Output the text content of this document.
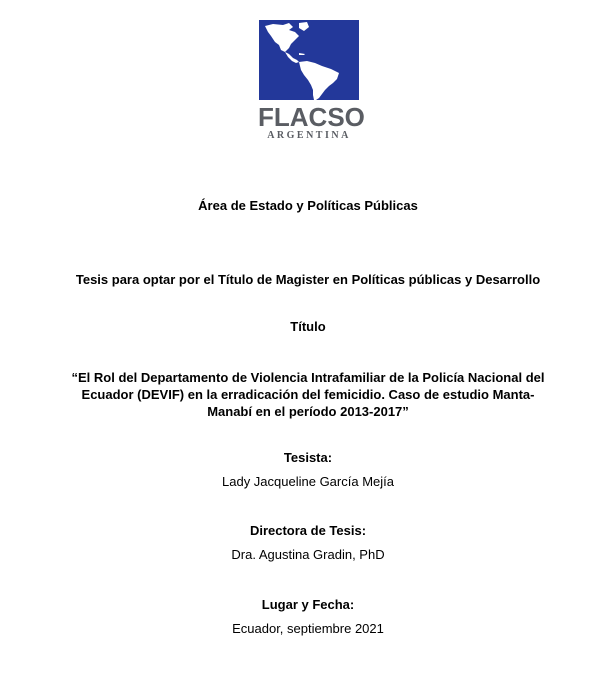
FLACSO
ARGENTINA
Área de Estado y Políticas Públicas
Tesis para optar por el Título de Magister en Políticas públicas y Desarrollo
Título
“El Rol del Departamento de Violencia Intrafamiliar de la Policía Nacional del
Ecuador (DEVIF) en la erradicación del femicidio. Caso de estudio Manta-
Manabí en el período 2013-2017”
Tesista:
Lady Jacqueline García Mejía
Directora de Tesis:
Dra. Agustina Gradin, PhD
Lugar y Fecha:
Ecuador, septiembre 2021
